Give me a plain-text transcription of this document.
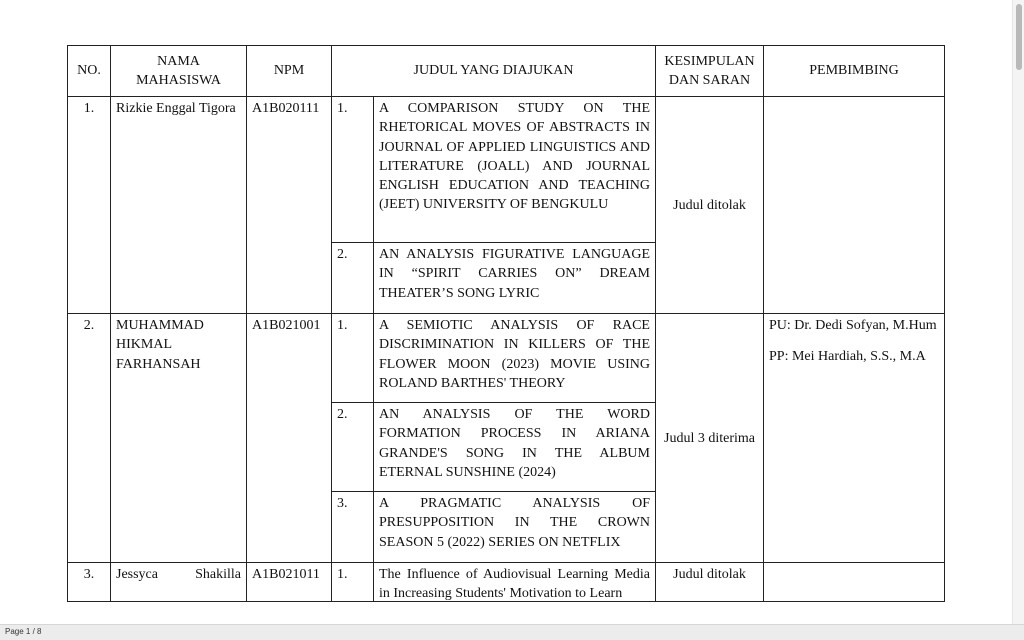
NO.	NAMA MAHASISWA	NPM	JUDUL YANG DIAJUKAN		KESIMPULAN DAN SARAN	PEMBIMBING
1.	Rizkie Enggal Tigora	A1B020111	1.	A COMPARISON STUDY ON THE RHETORICAL MOVES OF ABSTRACTS IN JOURNAL OF APPLIED LINGUISTICS AND LITERATURE (JOALL) AND JOURNAL ENGLISH EDUCATION AND TEACHING (JEET) UNIVERSITY OF BENGKULU	Judul ditolak	

			2.	AN ANALYSIS FIGURATIVE LANGUAGE IN “SPIRIT CARRIES ON” DREAM THEATER’S SONG LYRIC		
2.	MUHAMMAD HIKMAL FARHANSAH	A1B021001	1.	A SEMIOTIC ANALYSIS OF RACE DISCRIMINATION IN KILLERS OF THE FLOWER MOON (2023) MOVIE USING ROLAND BARTHES' THEORY	Judul 3 diterima	PU: Dr. Dedi Sofyan, M.Hum
PP: Mei Hardiah, S.S., M.A

			2.	AN ANALYSIS OF THE WORD FORMATION PROCESS IN ARIANA GRANDE'S SONG IN THE ALBUM ETERNAL SUNSHINE (2024)		
			3.	A PRAGMATIC ANALYSIS OF PRESUPPOSITION IN THE CROWN SEASON 5 (2022) SERIES ON NETFLIX		
3.	Jessyca Shakilla	A1B021011	1.	The Influence of Audiovisual Learning Media in Increasing Students' Motivation to Learn	Judul ditolak	
Page 1 / 8
